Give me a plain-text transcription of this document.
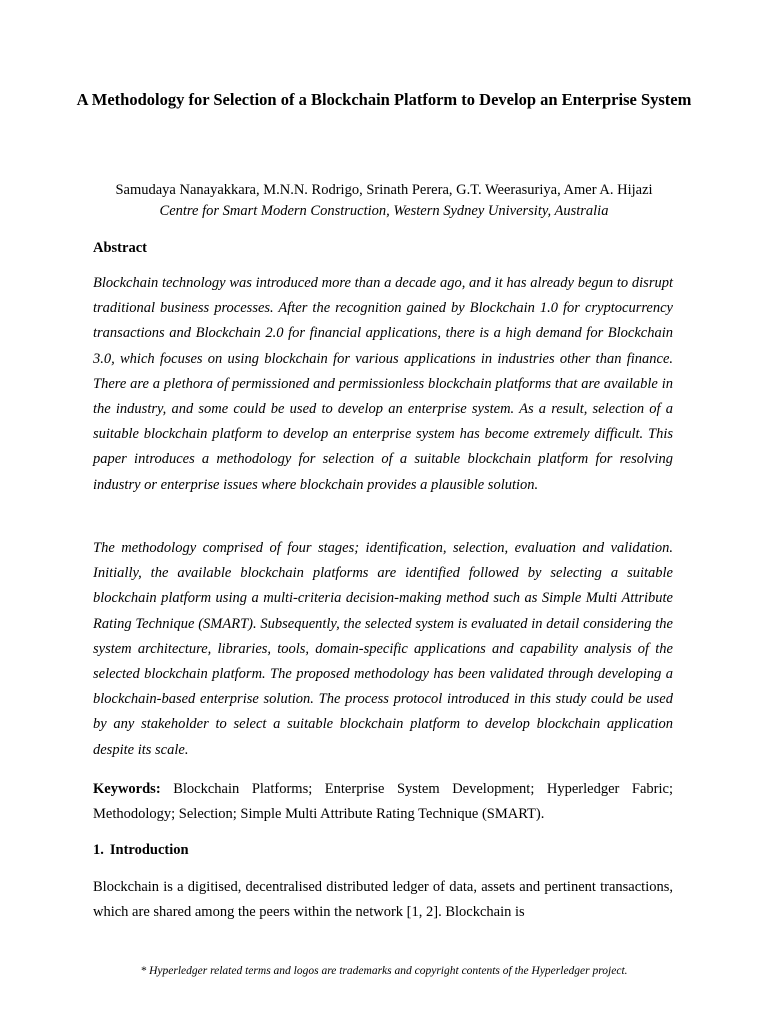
A Methodology for Selection of a Blockchain Platform to Develop an Enterprise System
Samudaya Nanayakkara, M.N.N. Rodrigo, Srinath Perera, G.T. Weerasuriya, Amer A. Hijazi
Centre for Smart Modern Construction, Western Sydney University, Australia
Abstract
Blockchain technology was introduced more than a decade ago, and it has already begun to disrupt traditional business processes. After the recognition gained by Blockchain 1.0 for cryptocurrency transactions and Blockchain 2.0 for financial applications, there is a high demand for Blockchain 3.0, which focuses on using blockchain for various applications in industries other than finance. There are a plethora of permissioned and permissionless blockchain platforms that are available in the industry, and some could be used to develop an enterprise system. As a result, selection of a suitable blockchain platform to develop an enterprise system has become extremely difficult. This paper introduces a methodology for selection of a suitable blockchain platform for resolving industry or enterprise issues where blockchain provides a plausible solution.
The methodology comprised of four stages; identification, selection, evaluation and validation. Initially, the available blockchain platforms are identified followed by selecting a suitable blockchain platform using a multi-criteria decision-making method such as Simple Multi Attribute Rating Technique (SMART). Subsequently, the selected system is evaluated in detail considering the system architecture, libraries, tools, domain-specific applications and capability analysis of the selected blockchain platform. The proposed methodology has been validated through developing a blockchain-based enterprise solution. The process protocol introduced in this study could be used by any stakeholder to select a suitable blockchain platform to develop blockchain application despite its scale.
Keywords: Blockchain Platforms; Enterprise System Development; Hyperledger Fabric; Methodology; Selection; Simple Multi Attribute Rating Technique (SMART).
1. Introduction
Blockchain is a digitised, decentralised distributed ledger of data, assets and pertinent transactions, which are shared among the peers within the network [1, 2]. Blockchain is
* Hyperledger related terms and logos are trademarks and copyright contents of the Hyperledger project.
